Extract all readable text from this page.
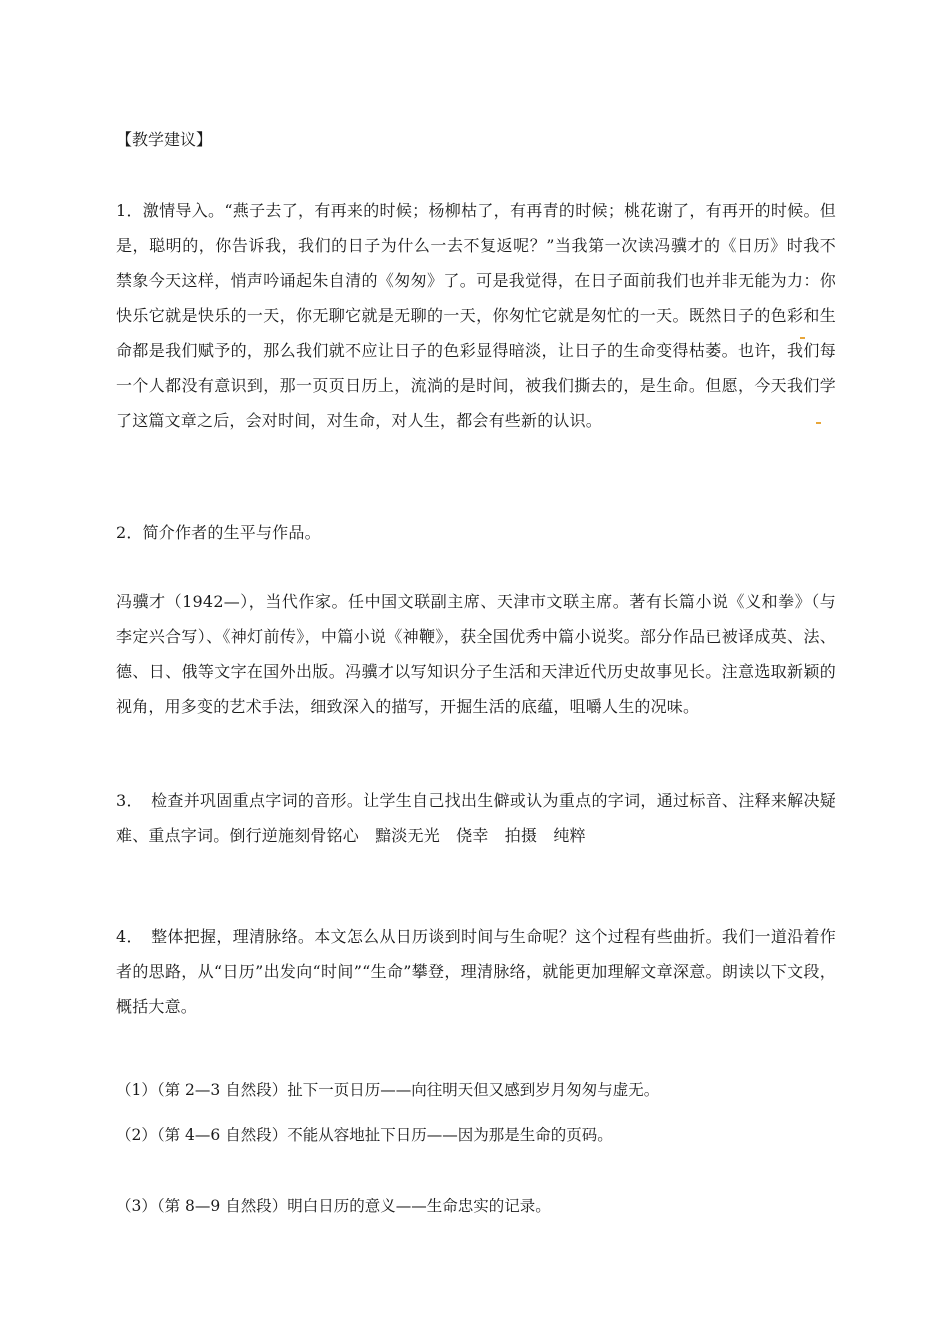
【教学建议】
1．激情导入。“燕子去了，有再来的时候；杨柳枯了，有再青的时候；桃花谢了，有再开的时候。但是，聪明的，你告诉我，我们的日子为什么一去不复返呢？”当我第一次读冯骥才的《日历》时我不禁象今天这样，悄声吟诵起朱自清的《匆匆》了。可是我觉得，在日子面前我们也并非无能为力：你快乐它就是快乐的一天，你无聊它就是无聊的一天，你匆忙它就是匆忙的一天。既然日子的色彩和生命都是我们赋予的，那么我们就不应让日子的色彩显得暗淡，让日子的生命变得枯萎。也许，我们每一个人都没有意识到，那一页页日历上，流淌的是时间，被我们撕去的，是生命。但愿，今天我们学了这篇文章之后，会对时间，对生命，对人生，都会有些新的认识。
2．简介作者的生平与作品。
冯骥才（1942—），当代作家。任中国文联副主席、天津市文联主席。著有长篇小说《义和拳》（与李定兴合写）、《神灯前传》，中篇小说《神鞭》，获全国优秀中篇小说奖。部分作品已被译成英、法、德、日、俄等文字在国外出版。冯骥才以写知识分子生活和天津近代历史故事见长。注意选取新颖的视角，用多变的艺术手法，细致深入的描写，开掘生活的底蕴，咀嚼人生的况味。
3．　检查并巩固重点字词的音形。让学生自己找出生僻或认为重点的字词，通过标音、注释来解决疑难、重点字词。倒行逆施刻骨铭心　黯淡无光　侥幸　拍摄　纯粹
4．　整体把握，理清脉络。本文怎么从日历谈到时间与生命呢？这个过程有些曲折。我们一道沿着作者的思路，从“日历”出发向“时间”“生命”攀登，理清脉络，就能更加理解文章深意。朗读以下文段，概括大意。
（1）（第 2—3 自然段）扯下一页日历——向往明天但又感到岁月匆匆与虚无。
（2）（第 4—6 自然段）不能从容地扯下日历——因为那是生命的页码。
（3）（第 8—9 自然段）明白日历的意义——生命忠实的记录。
